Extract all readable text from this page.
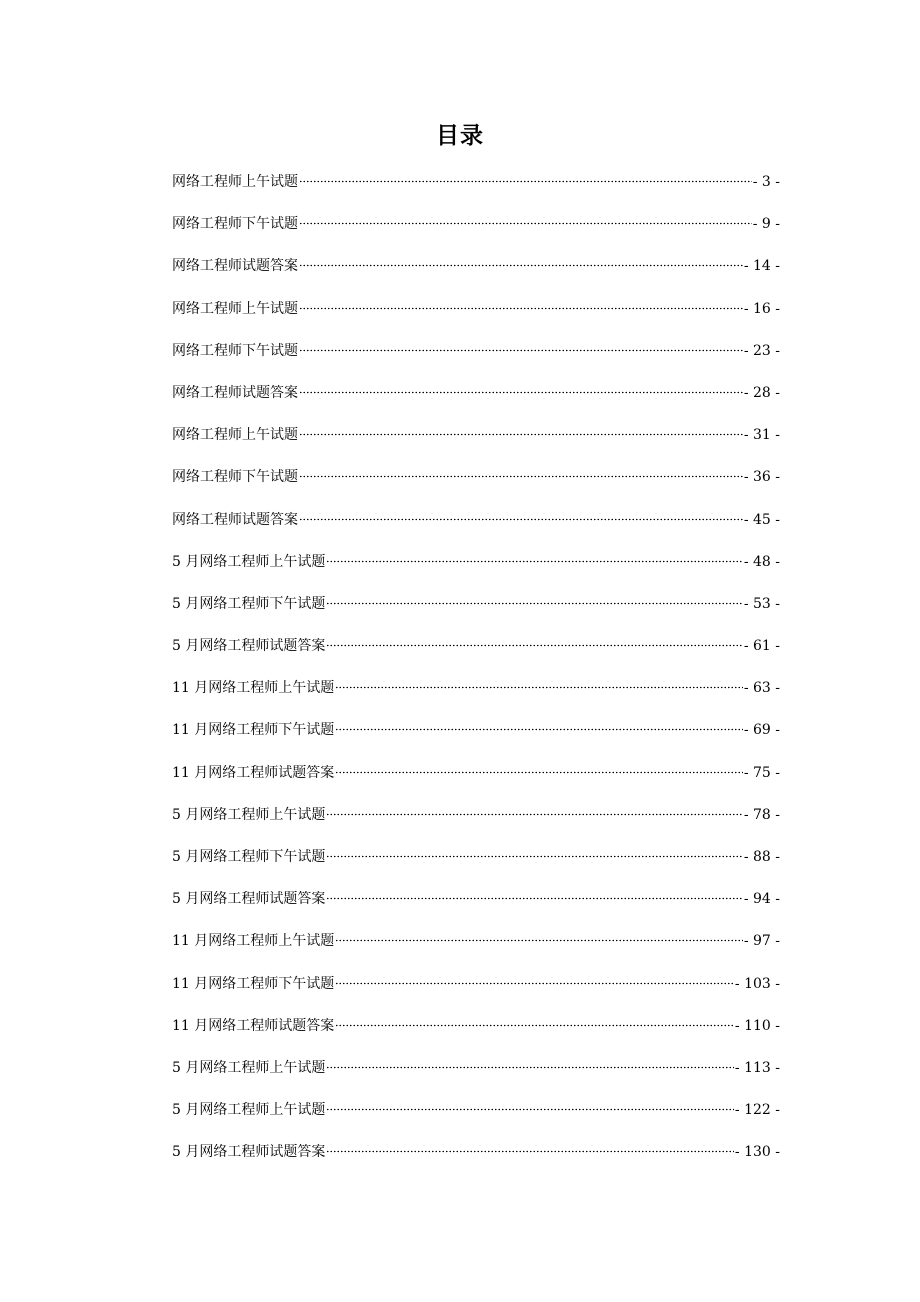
目录
网络工程师上午试题	- 3 -
网络工程师下午试题	- 9 -
网络工程师试题答案	- 14 -
网络工程师上午试题	- 16 -
网络工程师下午试题	- 23 -
网络工程师试题答案	- 28 -
网络工程师上午试题	- 31 -
网络工程师下午试题	- 36 -
网络工程师试题答案	- 45 -
5 月网络工程师上午试题	- 48 -
5 月网络工程师下午试题	- 53 -
5 月网络工程师试题答案	- 61 -
11 月网络工程师上午试题	- 63 -
11 月网络工程师下午试题	- 69 -
11 月网络工程师试题答案	- 75 -
5 月网络工程师上午试题	- 78 -
5 月网络工程师下午试题	- 88 -
5 月网络工程师试题答案	- 94 -
11 月网络工程师上午试题	- 97 -
11 月网络工程师下午试题	- 103 -
11 月网络工程师试题答案	- 110 -
5 月网络工程师上午试题	- 113 -
5 月网络工程师上午试题	- 122 -
5 月网络工程师试题答案	- 130 -
